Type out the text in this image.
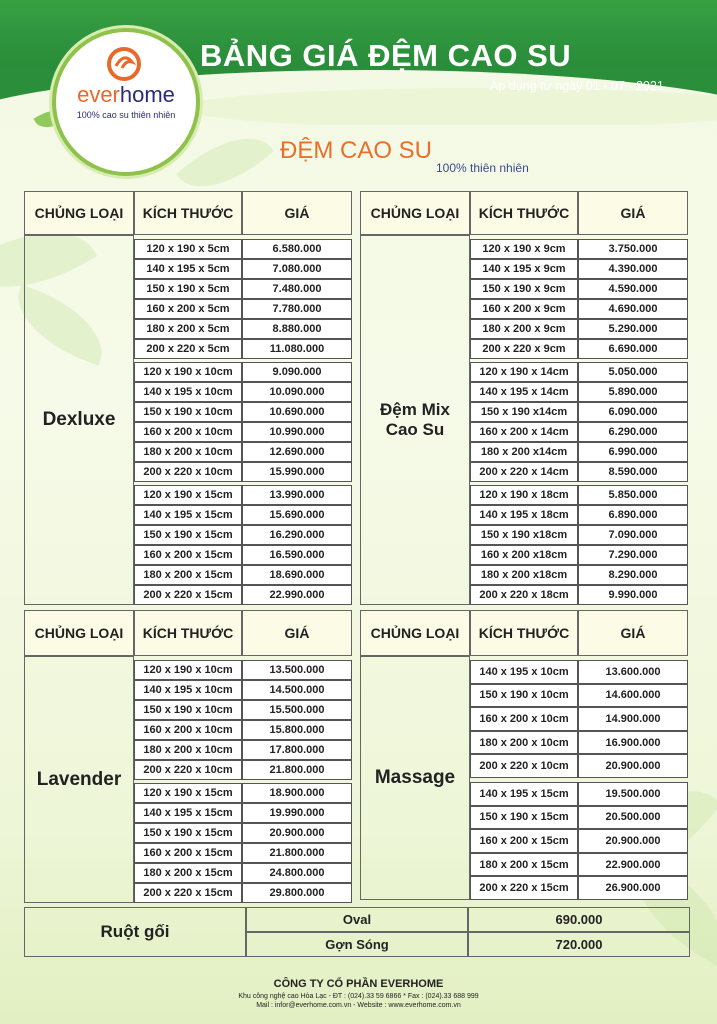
BẢNG GIÁ ĐỆM CAO SU
Áp dụng từ ngày 01 - 07 - 2021
everhome
100% cao su thiên nhiên
ĐỆM CAO SU
100% thiên nhiên
CHỦNG LOẠI	KÍCH THƯỚC	GIÁ
120 x 190 x 5cm	6.580.000
140 x 195 x 5cm	7.080.000
150 x 190 x 5cm	7.480.000
160 x 200 x 5cm	7.780.000
180 x 200 x 5cm	8.880.000
200 x 220 x 5cm	11.080.000
120 x 190 x 10cm	9.090.000
140 x 195 x 10cm	10.090.000
150 x 190 x 10cm	10.690.000
160 x 200 x 10cm	10.990.000
180 x 200 x 10cm	12.690.000
200 x 220 x 10cm	15.990.000
120 x 190 x 15cm	13.990.000
140 x 195 x 15cm	15.690.000
150 x 190 x 15cm	16.290.000
160 x 200 x 15cm	16.590.000
180 x 200 x 15cm	18.690.000
200 x 220 x 15cm	22.990.000
Dexluxe
CHỦNG LOẠI	KÍCH THƯỚC	GIÁ
120 x 190 x 9cm	3.750.000
140 x 195 x 9cm	4.390.000
150 x 190 x 9cm	4.590.000
160 x 200 x 9cm	4.690.000
180 x 200 x 9cm	5.290.000
200 x 220 x 9cm	6.690.000
120 x 190 x 14cm	5.050.000
140 x 195 x 14cm	5.890.000
150 x 190 x14cm	6.090.000
160 x 200 x 14cm	6.290.000
180 x 200 x14cm	6.990.000
200 x 220 x 14cm	8.590.000
120 x 190 x 18cm	5.850.000
140 x 195 x 18cm	6.890.000
150 x 190 x18cm	7.090.000
160 x 200 x18cm	7.290.000
180 x 200 x18cm	8.290.000
200 x 220 x 18cm	9.990.000
Đệm Mix
Cao Su
CHỦNG LOẠI	KÍCH THƯỚC	GIÁ
120 x 190 x 10cm	13.500.000
140 x 195 x 10cm	14.500.000
150 x 190 x 10cm	15.500.000
160 x 200 x 10cm	15.800.000
180 x 200 x 10cm	17.800.000
200 x 220 x 10cm	21.800.000
120 x 190 x 15cm	18.900.000
140 x 195 x 15cm	19.990.000
150 x 190 x 15cm	20.900.000
160 x 200 x 15cm	21.800.000
180 x 200 x 15cm	24.800.000
200 x 220 x 15cm	29.800.000
Lavender
CHỦNG LOẠI	KÍCH THƯỚC	GIÁ
140 x 195 x 10cm	13.600.000
150 x 190 x 10cm	14.600.000
160 x 200 x 10cm	14.900.000
180 x 200 x 10cm	16.900.000
200 x 220 x 10cm	20.900.000
140 x 195 x 15cm	19.500.000
150 x 190 x 15cm	20.500.000
160 x 200 x 15cm	20.900.000
180 x 200 x 15cm	22.900.000
200 x 220 x 15cm	26.900.000
Massage
Ruột gối
Oval	690.000
Gợn Sóng	720.000
CÔNG TY CỔ PHẦN EVERHOME
Khu công nghệ cao Hòa Lạc - ĐT : (024).33 59 6866 * Fax : (024).33 688 999
Mail : infor@everhome.com.vn - Website : www.everhome.com.vn
